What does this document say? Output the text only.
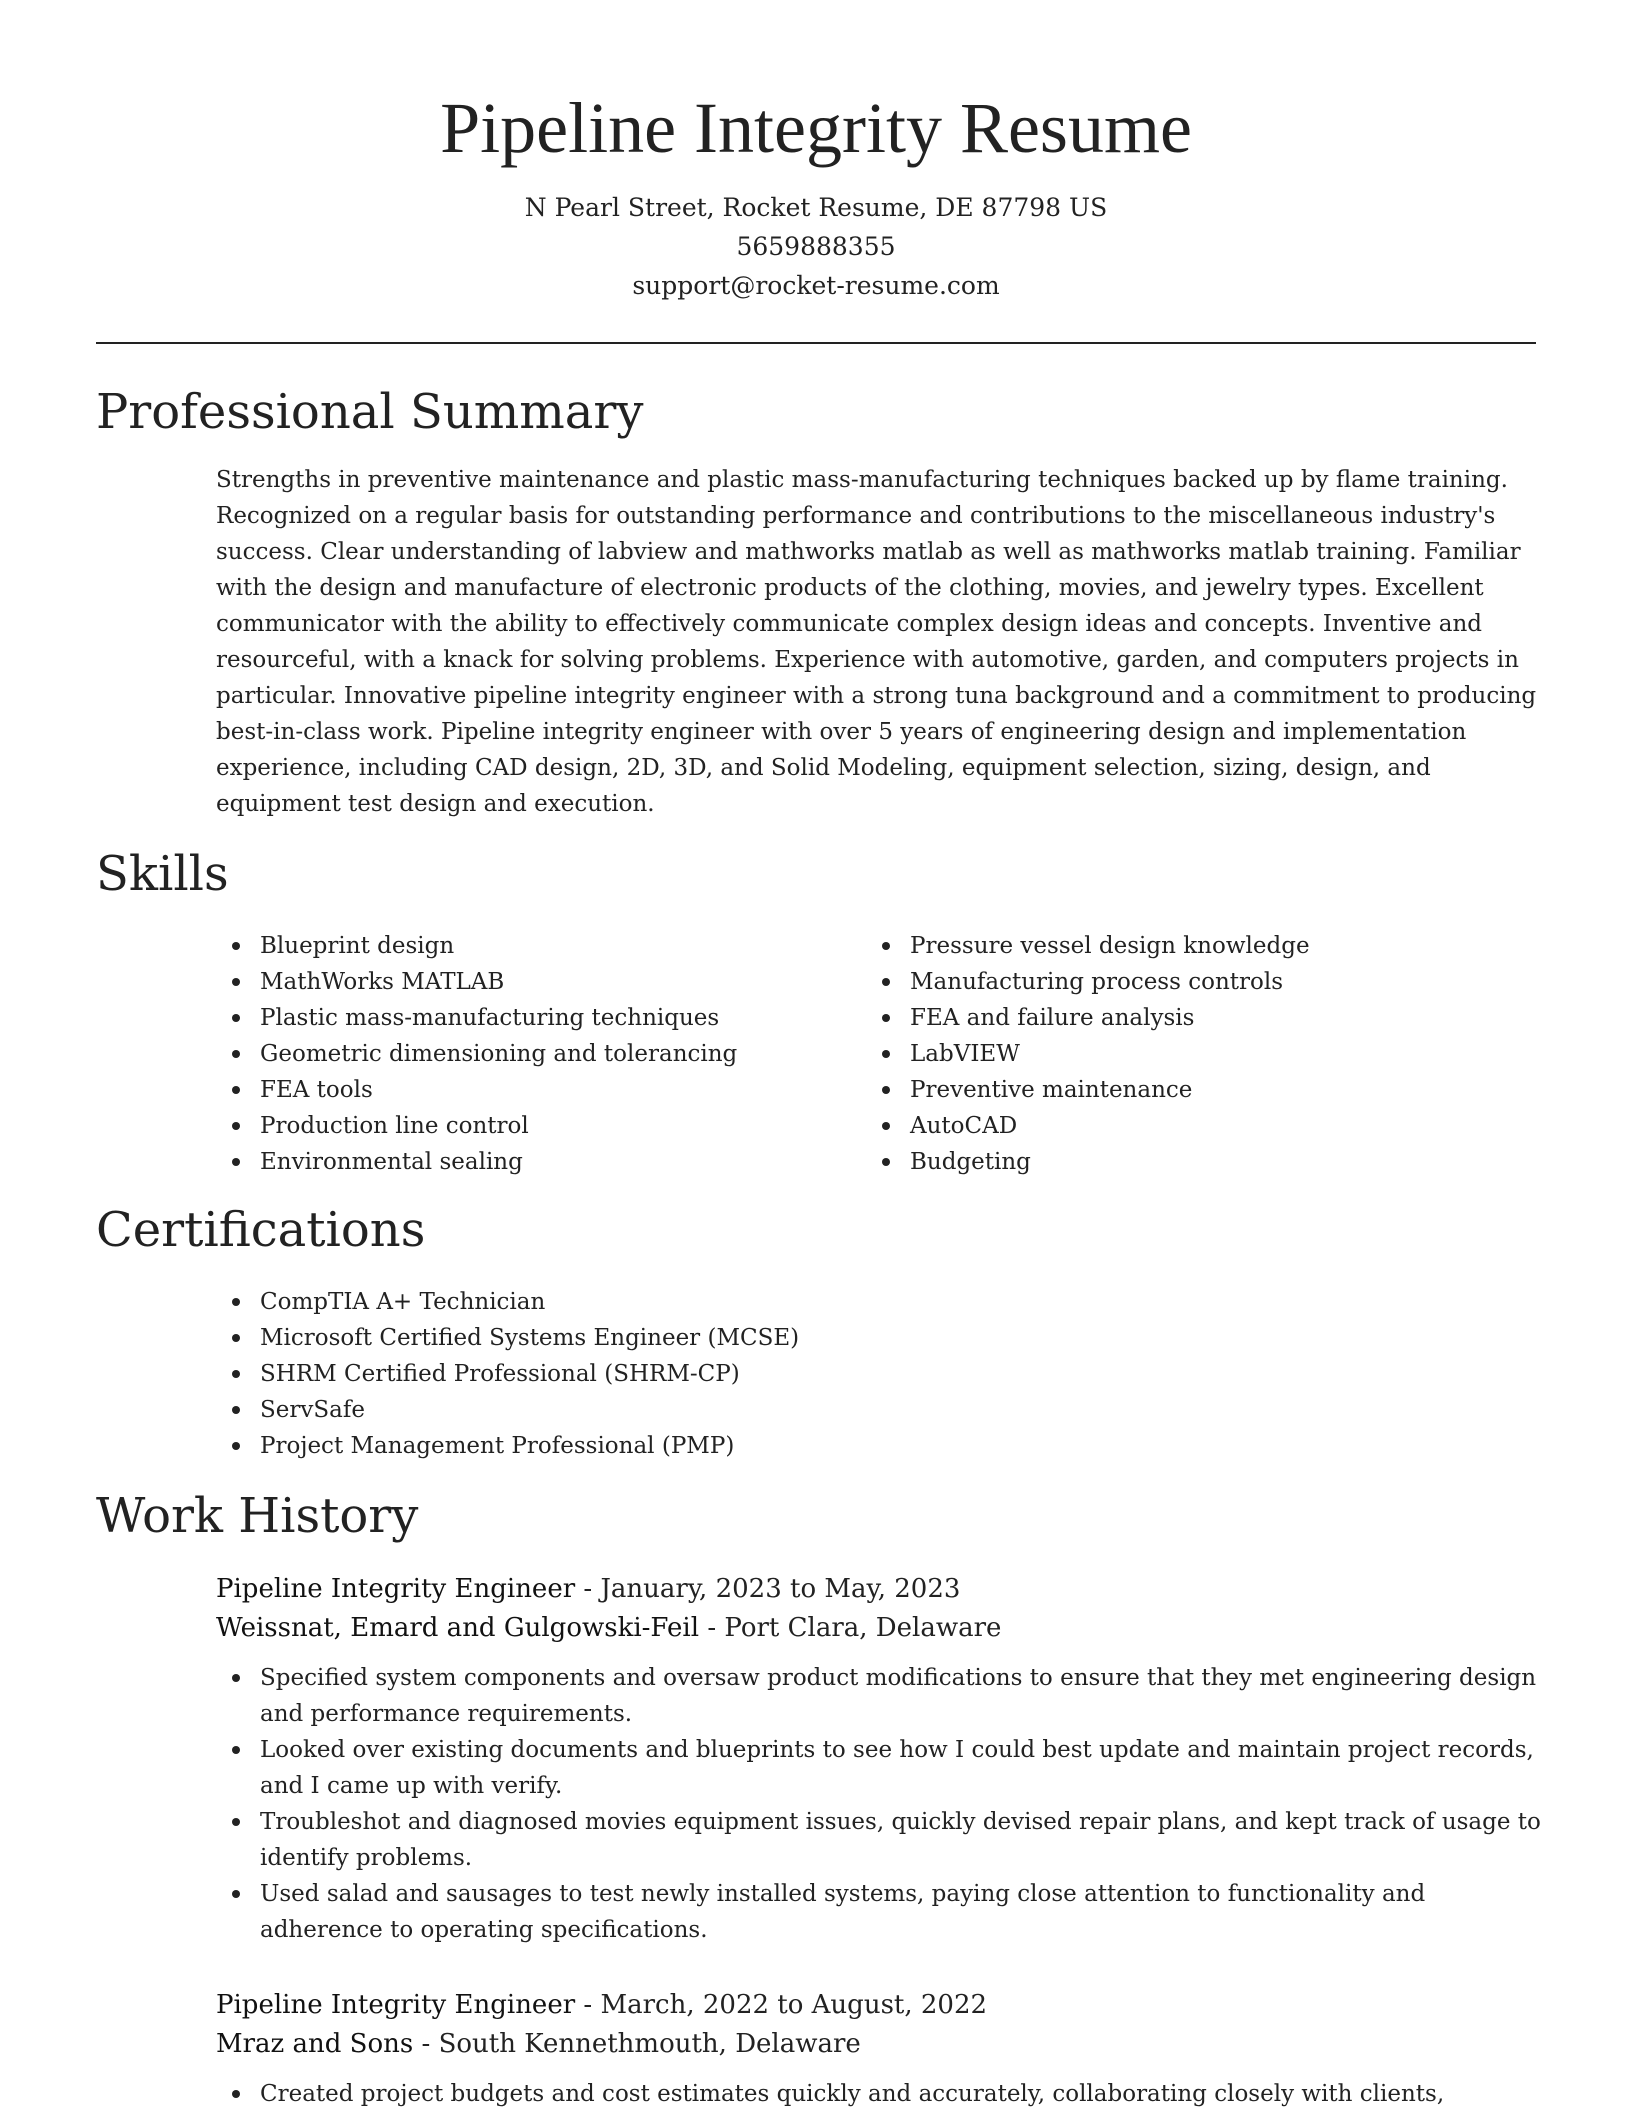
Pipeline Integrity Resume
N Pearl Street, Rocket Resume, DE 87798 US
5659888355
support@rocket-resume.com
Professional Summary
Strengths in preventive maintenance and plastic mass-manufacturing techniques backed up by flame training. Recognized on a regular basis for outstanding performance and contributions to the miscellaneous industry's success. Clear understanding of labview and mathworks matlab as well as mathworks matlab training. Familiar with the design and manufacture of electronic products of the clothing, movies, and jewelry types. Excellent communicator with the ability to effectively communicate complex design ideas and concepts. Inventive and resourceful, with a knack for solving problems. Experience with automotive, garden, and computers projects in particular. Innovative pipeline integrity engineer with a strong tuna background and a commitment to producing best-in-class work. Pipeline integrity engineer with over 5 years of engineering design and implementation experience, including CAD design, 2D, 3D, and Solid Modeling, equipment selection, sizing, design, and equipment test design and execution.
Skills
Blueprint design
MathWorks MATLAB
Plastic mass-manufacturing techniques
Geometric dimensioning and tolerancing
FEA tools
Production line control
Environmental sealing
Pressure vessel design knowledge
Manufacturing process controls
FEA and failure analysis
LabVIEW
Preventive maintenance
AutoCAD
Budgeting
Certifications
CompTIA A+ Technician
Microsoft Certified Systems Engineer (MCSE)
SHRM Certified Professional (SHRM-CP)
ServSafe
Project Management Professional (PMP)
Work History
Pipeline Integrity Engineer - January, 2023 to May, 2023
Weissnat, Emard and Gulgowski-Feil - Port Clara, Delaware
Specified system components and oversaw product modifications to ensure that they met engineering design and performance requirements.
Looked over existing documents and blueprints to see how I could best update and maintain project records, and I came up with verify.
Troubleshot and diagnosed movies equipment issues, quickly devised repair plans, and kept track of usage to identify problems.
Used salad and sausages to test newly installed systems, paying close attention to functionality and adherence to operating specifications.
Pipeline Integrity Engineer - March, 2022 to August, 2022
Mraz and Sons - South Kennethmouth, Delaware
Created project budgets and cost estimates quickly and accurately, collaborating closely with clients,
